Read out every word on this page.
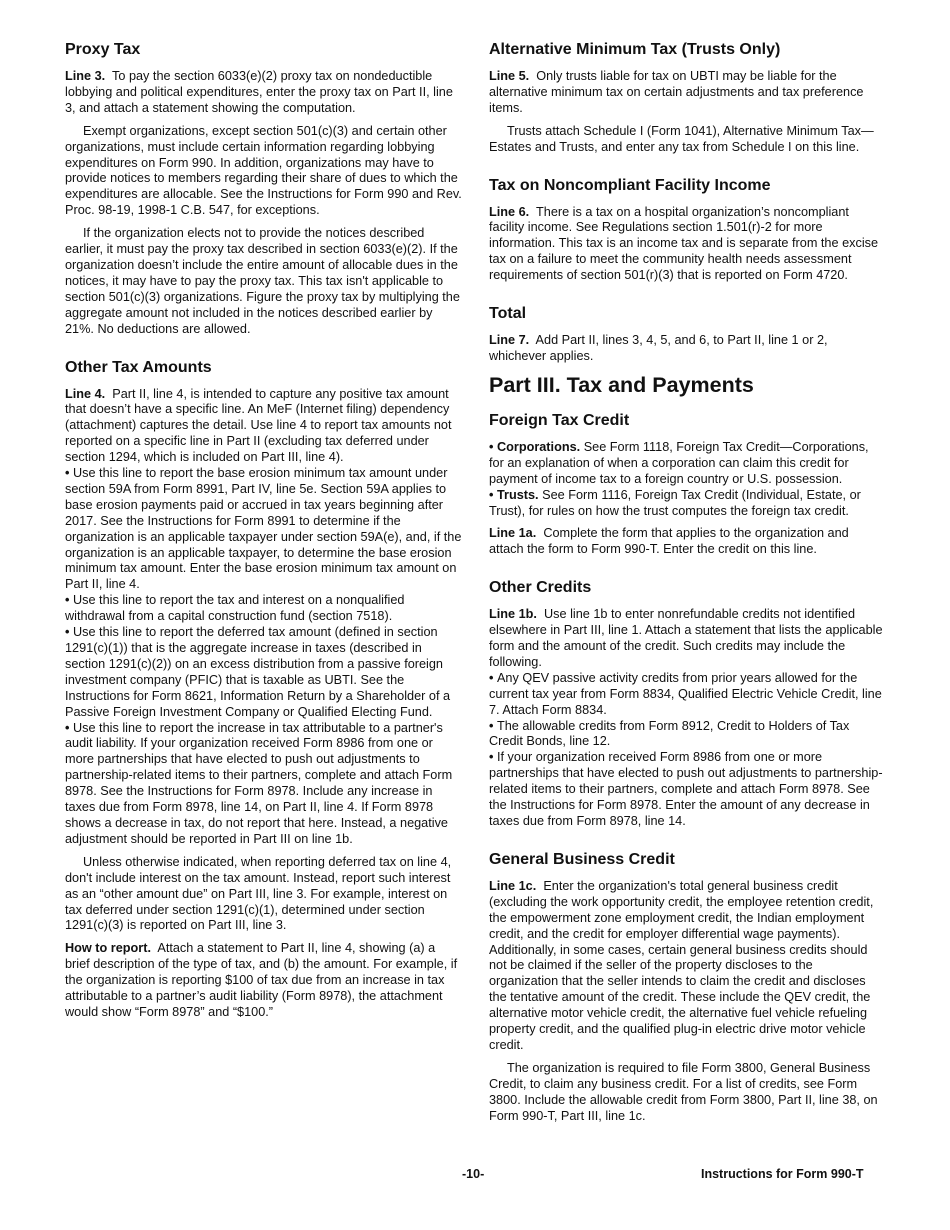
Proxy Tax

Line 3. To pay the section 6033(e)(2) proxy tax on nondeductible lobbying and political expenditures, enter the proxy tax on Part II, line 3, and attach a statement showing the computation.

Exempt organizations, except section 501(c)(3) and certain other organizations, must include certain information regarding lobbying expenditures on Form 990. In addition, organizations may have to provide notices to members regarding their share of dues to which the expenditures are allocable. See the Instructions for Form 990 and Rev. Proc. 98-19, 1998-1 C.B. 547, for exceptions.

If the organization elects not to provide the notices described earlier, it must pay the proxy tax described in section 6033(e)(2). If the organization doesn’t include the entire amount of allocable dues in the notices, it may have to pay the proxy tax. This tax isn't applicable to section 501(c)(3) organizations. Figure the proxy tax by multiplying the aggregate amount not included in the notices described earlier by 21%. No deductions are allowed.

Other Tax Amounts

Line 4. Part II, line 4, is intended to capture any positive tax amount that doesn’t have a specific line. An MeF (Internet filing) dependency (attachment) captures the detail. Use line 4 to report tax amounts not reported on a specific line in Part II (excluding tax deferred under section 1294, which is included on Part III, line 4).

• Use this line to report the base erosion minimum tax amount under section 59A from Form 8991, Part IV, line 5e. Section 59A applies to base erosion payments paid or accrued in tax years beginning after 2017. See the Instructions for Form 8991 to determine if the organization is an applicable taxpayer under section 59A(e), and, if the organization is an applicable taxpayer, to determine the base erosion minimum tax amount. Enter the base erosion minimum tax amount on Part II, line 4.

• Use this line to report the tax and interest on a nonqualified withdrawal from a capital construction fund (section 7518).

• Use this line to report the deferred tax amount (defined in section 1291(c)(1)) that is the aggregate increase in taxes (described in section 1291(c)(2)) on an excess distribution from a passive foreign investment company (PFIC) that is taxable as UBTI. See the Instructions for Form 8621, Information Return by a Shareholder of a Passive Foreign Investment Company or Qualified Electing Fund.

• Use this line to report the increase in tax attributable to a partner's audit liability. If your organization received Form 8986 from one or more partnerships that have elected to push out adjustments to partnership-related items to their partners, complete and attach Form 8978. See the Instructions for Form 8978. Include any increase in taxes due from Form 8978, line 14, on Part II, line 4. If Form 8978 shows a decrease in tax, do not report that here. Instead, a negative adjustment should be reported in Part III on line 1b.

Unless otherwise indicated, when reporting deferred tax on line 4, don't include interest on the tax amount. Instead, report such interest as an “other amount due” on Part III, line 3. For example, interest on tax deferred under section 1291(c)(1), determined under section 1291(c)(3) is reported on Part III, line 3.

How to report. Attach a statement to Part II, line 4, showing (a) a brief description of the type of tax, and (b) the amount. For example, if the organization is reporting $100 of tax due from an increase in tax attributable to a partner’s audit liability (Form 8978), the attachment would show “Form 8978” and “$100.”

Alternative Minimum Tax (Trusts Only)

Line 5. Only trusts liable for tax on UBTI may be liable for the alternative minimum tax on certain adjustments and tax preference items.

Trusts attach Schedule I (Form 1041), Alternative Minimum Tax—Estates and Trusts, and enter any tax from Schedule I on this line.

Tax on Noncompliant Facility Income

Line 6. There is a tax on a hospital organization’s noncompliant facility income. See Regulations section 1.501(r)-2 for more information. This tax is an income tax and is separate from the excise tax on a failure to meet the community health needs assessment requirements of section 501(r)(3) that is reported on Form 4720.

Total

Line 7. Add Part II, lines 3, 4, 5, and 6, to Part II, line 1 or 2, whichever applies.

Part III. Tax and Payments
Foreign Tax Credit

• Corporations. See Form 1118, Foreign Tax Credit—Corporations, for an explanation of when a corporation can claim this credit for payment of income tax to a foreign country or U.S. possession.

• Trusts. See Form 1116, Foreign Tax Credit (Individual, Estate, or Trust), for rules on how the trust computes the foreign tax credit.

Line 1a. Complete the form that applies to the organization and attach the form to Form 990-T. Enter the credit on this line.

Other Credits

Line 1b. Use line 1b to enter nonrefundable credits not identified elsewhere in Part III, line 1. Attach a statement that lists the applicable form and the amount of the credit. Such credits may include the following.

• Any QEV passive activity credits from prior years allowed for the current tax year from Form 8834, Qualified Electric Vehicle Credit, line 7. Attach Form 8834.

• The allowable credits from Form 8912, Credit to Holders of Tax Credit Bonds, line 12.

• If your organization received Form 8986 from one or more partnerships that have elected to push out adjustments to partnership-related items to their partners, complete and attach Form 8978. See the Instructions for Form 8978. Enter the amount of any decrease in taxes due from Form 8978, line 14.

General Business Credit

Line 1c. Enter the organization's total general business credit (excluding the work opportunity credit, the employee retention credit, the empowerment zone employment credit, the Indian employment credit, and the credit for employer differential wage payments). Additionally, in some cases, certain general business credits should not be claimed if the seller of the property discloses to the organization that the seller intends to claim the credit and discloses the tentative amount of the credit. These include the QEV credit, the alternative motor vehicle credit, the alternative fuel vehicle refueling property credit, and the qualified plug-in electric drive motor vehicle credit.

The organization is required to file Form 3800, General Business Credit, to claim any business credit. For a list of credits, see Form 3800. Include the allowable credit from Form 3800, Part II, line 38, on Form 990-T, Part III, line 1c.

-10-	Instructions for Form 990-T
